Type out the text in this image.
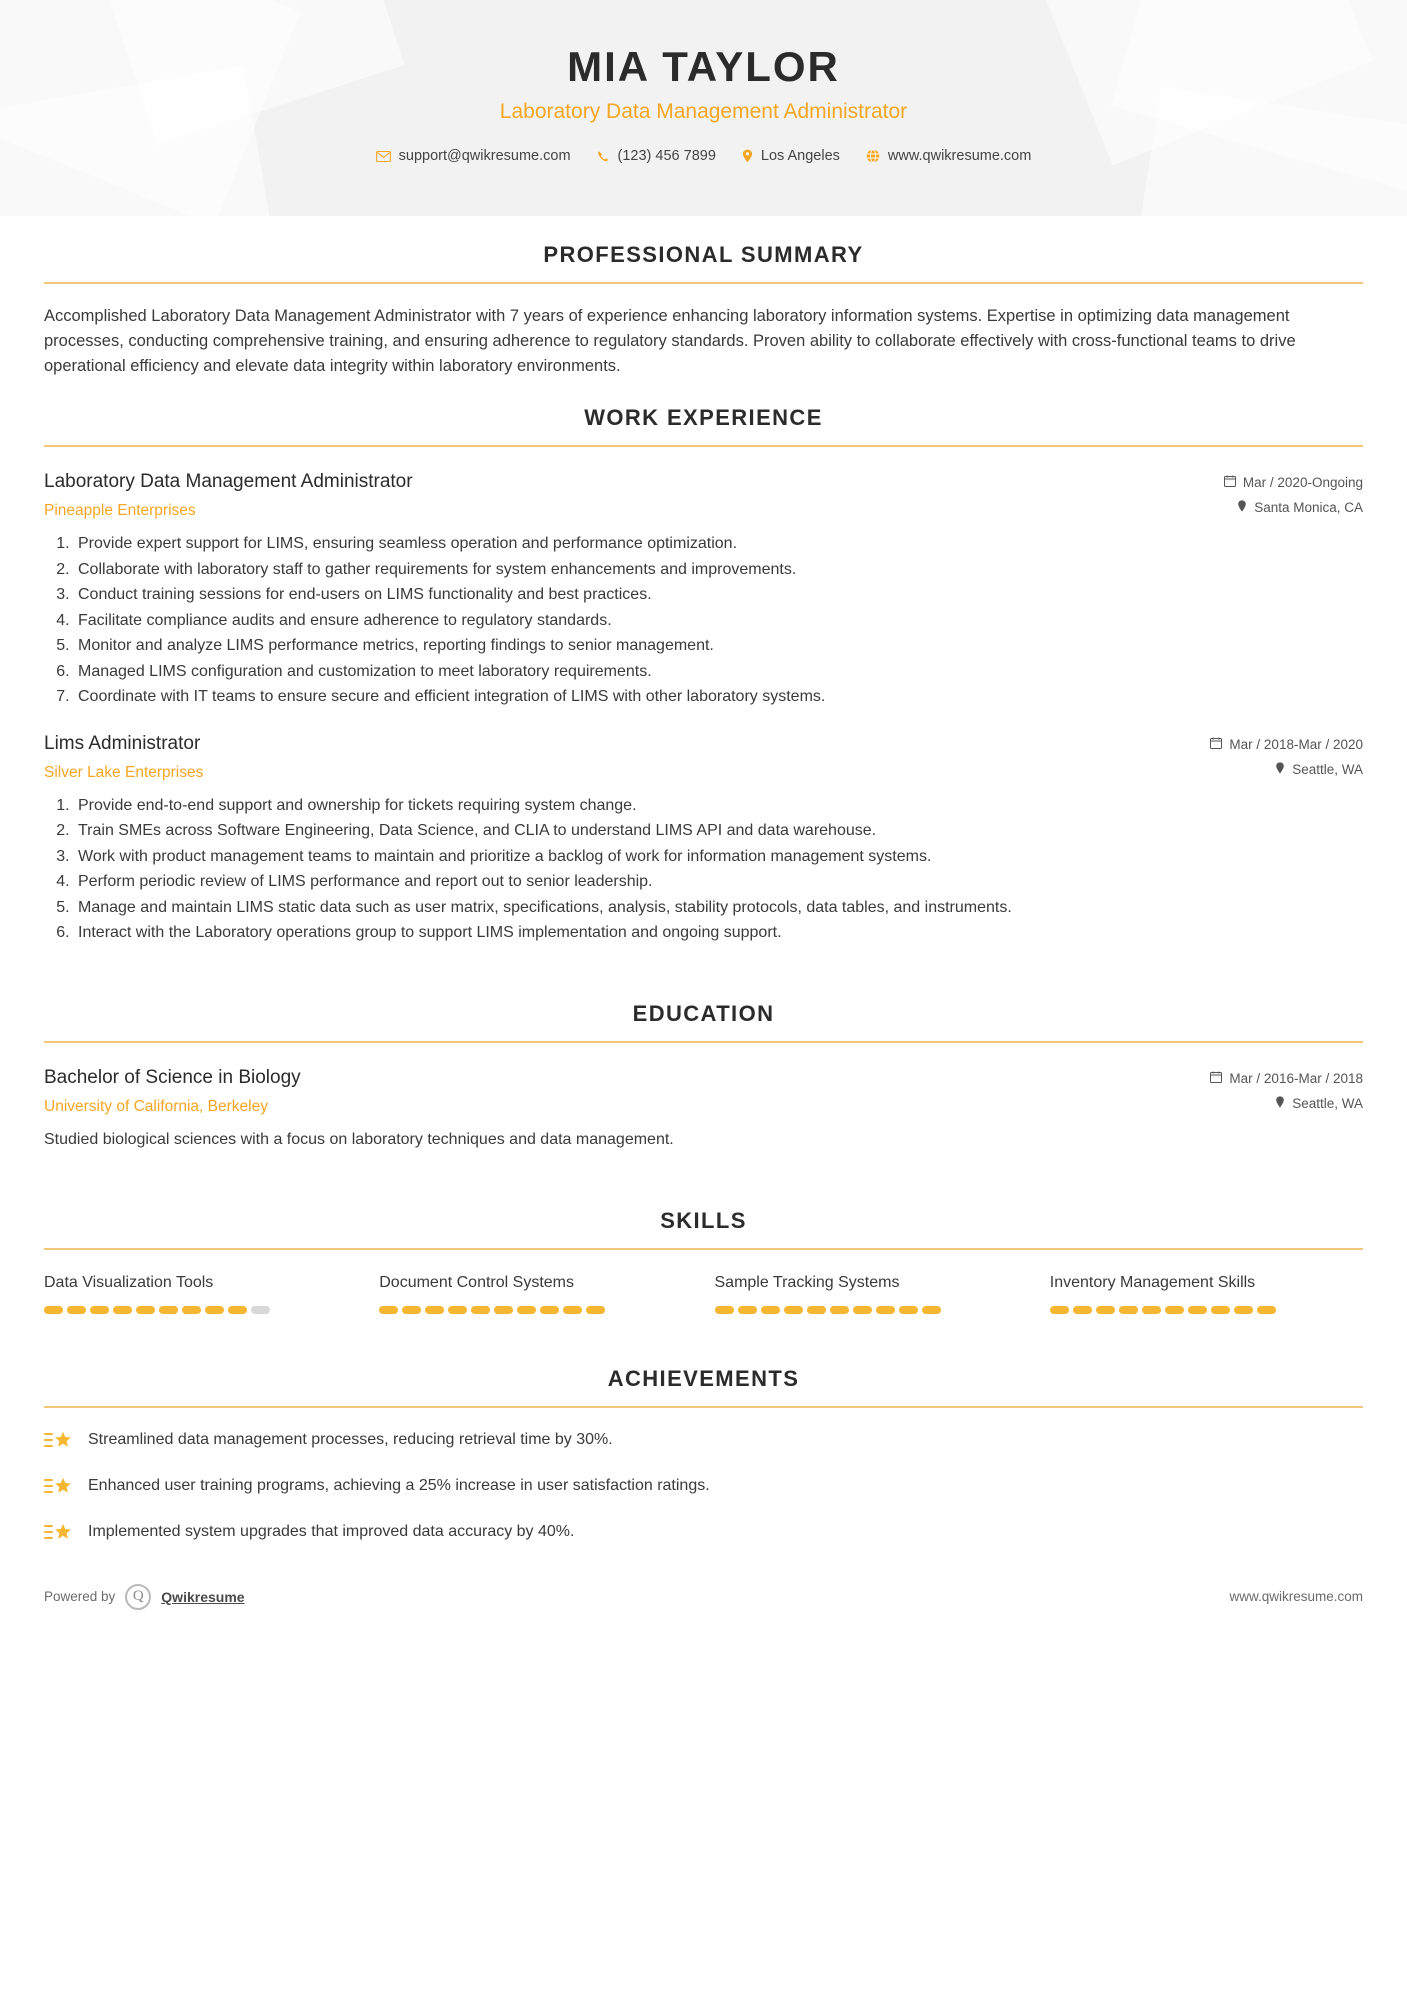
MIA TAYLOR
Laboratory Data Management Administrator
support@qwikresume.com	(123) 456 7899	Los Angeles	www.qwikresume.com
PROFESSIONAL SUMMARY

Accomplished Laboratory Data Management Administrator with 7 years of experience enhancing laboratory information systems. Expertise in optimizing data management processes, conducting comprehensive training, and ensuring adherence to regulatory standards. Proven ability to collaborate effectively with cross-functional teams to drive operational efficiency and elevate data integrity within laboratory environments.

WORK EXPERIENCE
Laboratory Data Management Administrator
Pineapple Enterprises
Mar / 2020-Ongoing
Santa Monica, CA
1. Provide expert support for LIMS, ensuring seamless operation and performance optimization.
2. Collaborate with laboratory staff to gather requirements for system enhancements and improvements.
3. Conduct training sessions for end-users on LIMS functionality and best practices.
4. Facilitate compliance audits and ensure adherence to regulatory standards.
5. Monitor and analyze LIMS performance metrics, reporting findings to senior management.
6. Managed LIMS configuration and customization to meet laboratory requirements.
7. Coordinate with IT teams to ensure secure and efficient integration of LIMS with other laboratory systems.
Lims Administrator
Silver Lake Enterprises
Mar / 2018-Mar / 2020
Seattle, WA
1. Provide end-to-end support and ownership for tickets requiring system change.
2. Train SMEs across Software Engineering, Data Science, and CLIA to understand LIMS API and data warehouse.
3. Work with product management teams to maintain and prioritize a backlog of work for information management systems.
4. Perform periodic review of LIMS performance and report out to senior leadership.
5. Manage and maintain LIMS static data such as user matrix, specifications, analysis, stability protocols, data tables, and instruments.
6. Interact with the Laboratory operations group to support LIMS implementation and ongoing support.
EDUCATION
Bachelor of Science in Biology
University of California, Berkeley
Mar / 2016-Mar / 2018
Seattle, WA
Studied biological sciences with a focus on laboratory techniques and data management.
SKILLS
Data Visualization Tools	Document Control Systems	Sample Tracking Systems	Inventory Management Skills
ACHIEVEMENTS
Streamlined data management processes, reducing retrieval time by 30%.
Enhanced user training programs, achieving a 25% increase in user satisfaction ratings.
Implemented system upgrades that improved data accuracy by 40%.
Powered by	Q	Qwikresume	www.qwikresume.com
